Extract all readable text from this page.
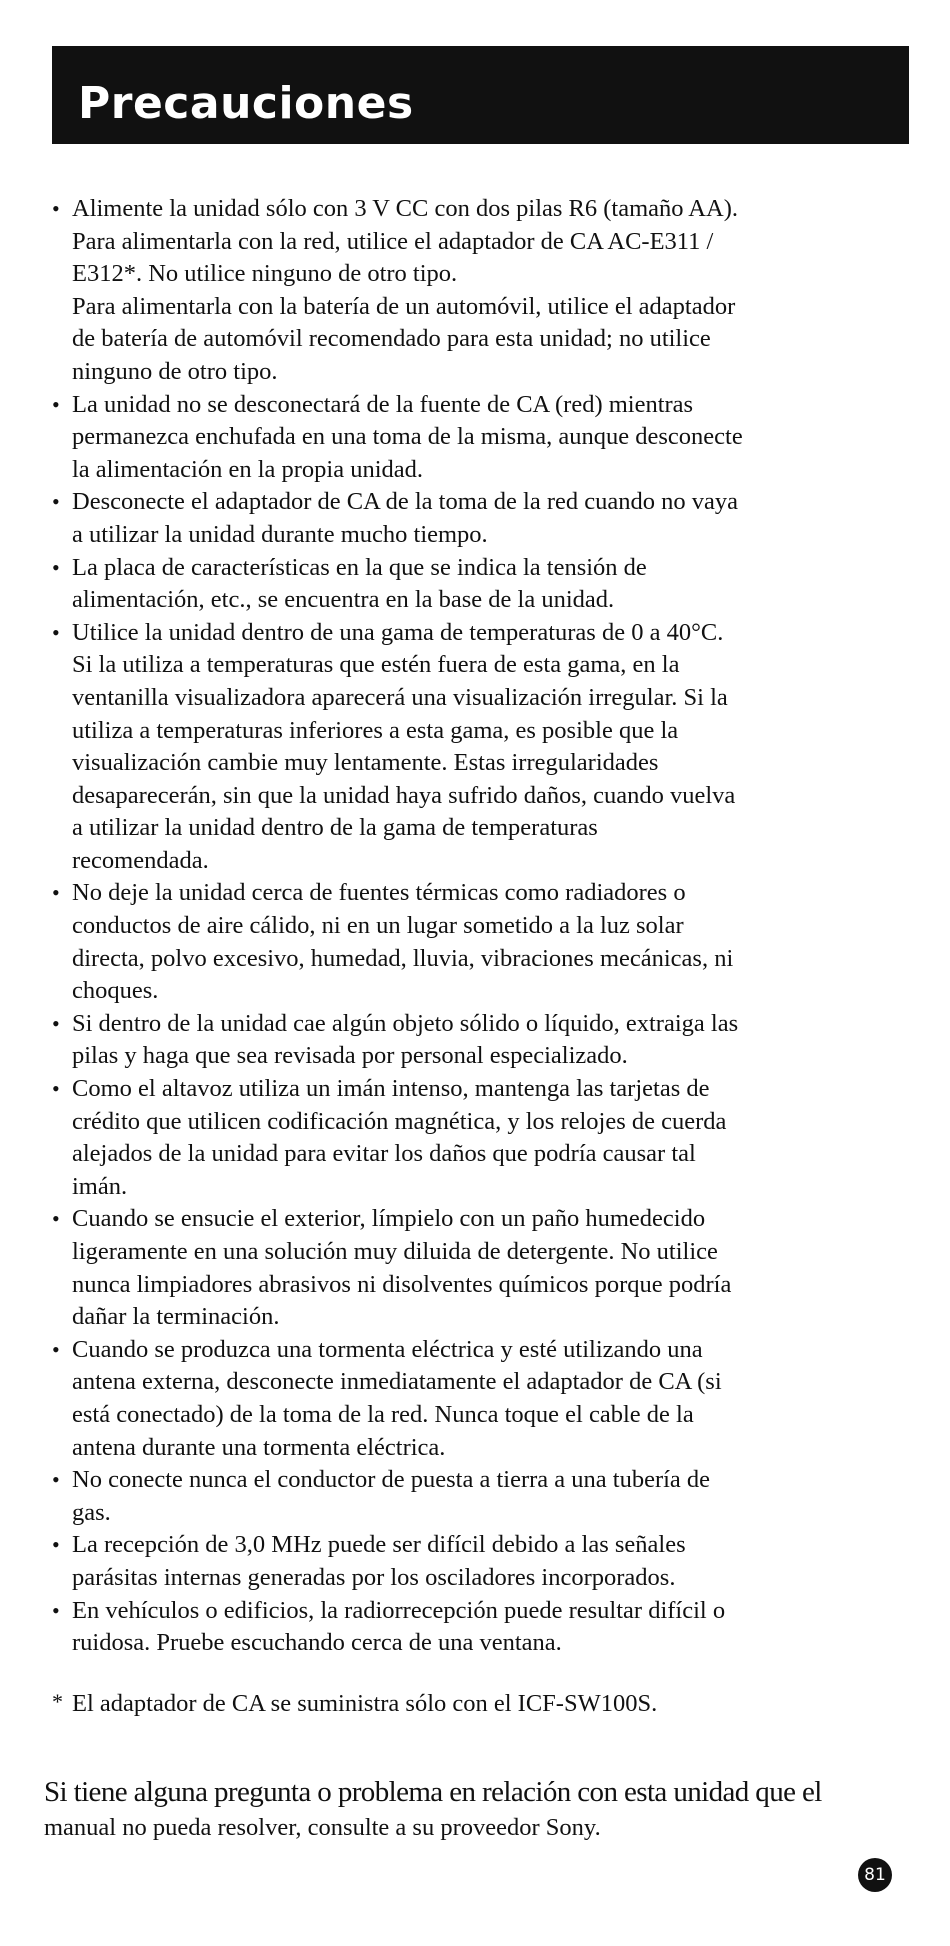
Precauciones
• Alimente la unidad sólo con 3 V CC con dos pilas R6 (tamaño AA).
Para alimentarla con la red, utilice el adaptador de CA AC-E311 /
E312*. No utilice ninguno de otro tipo.
Para alimentarla con la batería de un automóvil, utilice el adaptador
de batería de automóvil recomendado para esta unidad; no utilice
ninguno de otro tipo.
• La unidad no se desconectará de la fuente de CA (red) mientras
permanezca enchufada en una toma de la misma, aunque desconecte
la alimentación en la propia unidad.
• Desconecte el adaptador de CA de la toma de la red cuando no vaya
a utilizar la unidad durante mucho tiempo.
• La placa de características en la que se indica la tensión de
alimentación, etc., se encuentra en la base de la unidad.
• Utilice la unidad dentro de una gama de temperaturas de 0 a 40°C.
Si la utiliza a temperaturas que estén fuera de esta gama, en la
ventanilla visualizadora aparecerá una visualización irregular. Si la
utiliza a temperaturas inferiores a esta gama, es posible que la
visualización cambie muy lentamente. Estas irregularidades
desaparecerán, sin que la unidad haya sufrido daños, cuando vuelva
a utilizar la unidad dentro de la gama de temperaturas
recomendada.
• No deje la unidad cerca de fuentes térmicas como radiadores o
conductos de aire cálido, ni en un lugar sometido a la luz solar
directa, polvo excesivo, humedad, lluvia, vibraciones mecánicas, ni
choques.
• Si dentro de la unidad cae algún objeto sólido o líquido, extraiga las
pilas y haga que sea revisada por personal especializado.
• Como el altavoz utiliza un imán intenso, mantenga las tarjetas de
crédito que utilicen codificación magnética, y los relojes de cuerda
alejados de la unidad para evitar los daños que podría causar tal
imán.
• Cuando se ensucie el exterior, límpielo con un paño humedecido
ligeramente en una solución muy diluida de detergente. No utilice
nunca limpiadores abrasivos ni disolventes químicos porque podría
dañar la terminación.
• Cuando se produzca una tormenta eléctrica y esté utilizando una
antena externa, desconecte inmediatamente el adaptador de CA (si
está conectado) de la toma de la red. Nunca toque el cable de la
antena durante una tormenta eléctrica.
• No conecte nunca el conductor de puesta a tierra a una tubería de
gas.
• La recepción de 3,0 MHz puede ser difícil debido a las señales
parásitas internas generadas por los osciladores incorporados.
• En vehículos o edificios, la radiorrecepción puede resultar difícil o
ruidosa. Pruebe escuchando cerca de una ventana.
* El adaptador de CA se suministra sólo con el ICF-SW100S.
Si tiene alguna pregunta o problema en relación con esta unidad que el
manual no pueda resolver, consulte a su proveedor Sony.
81
